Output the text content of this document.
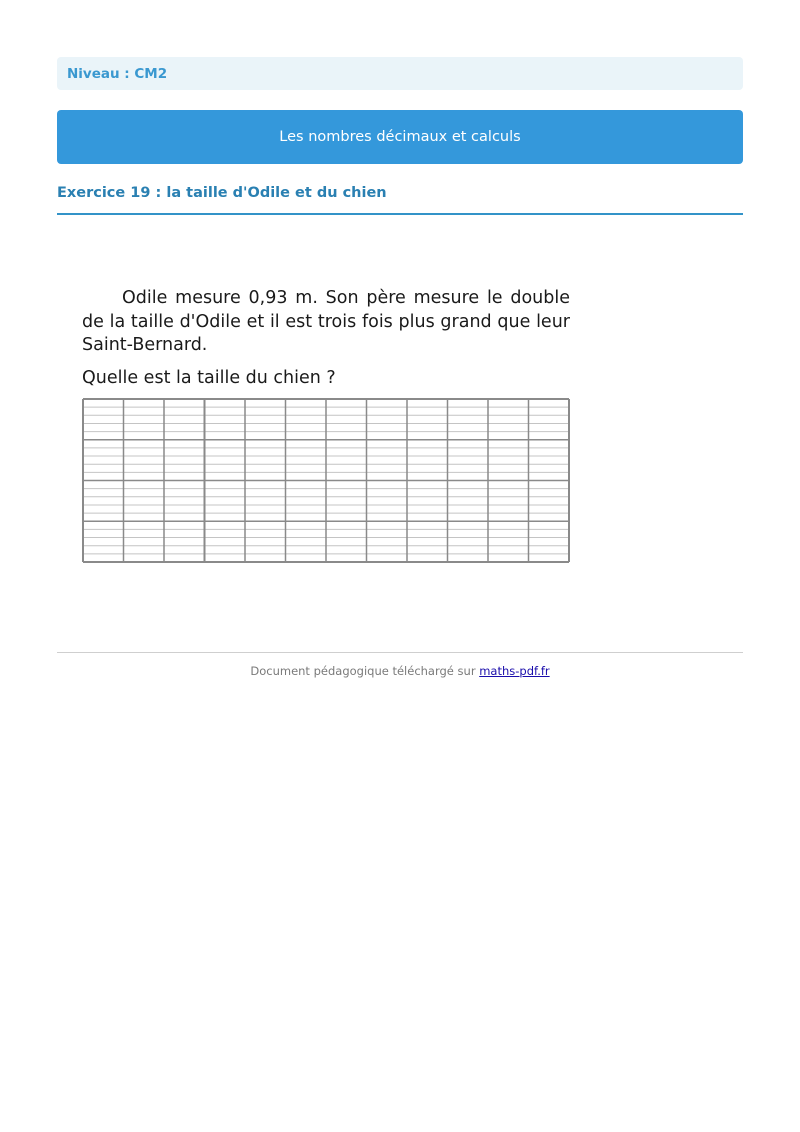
Niveau : CM2
Les nombres décimaux et calculs
Exercice 19 : la taille d'Odile et du chien

Odile mesure 0,93 m. Son père mesure le double de la taille d'Odile et il est trois fois plus grand que leur Saint-Bernard.

Quelle est la taille du chien ?

Document pédagogique téléchargé sur maths-pdf.fr
